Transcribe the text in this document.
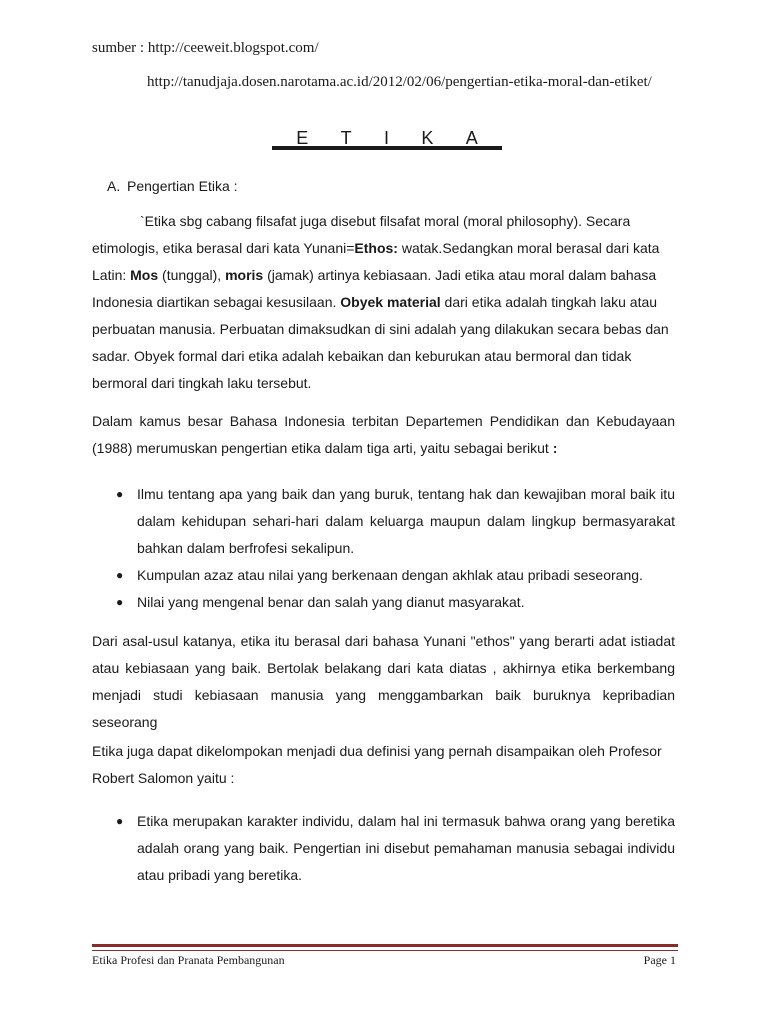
sumber : http://ceeweit.blogspot.com/
http://tanudjaja.dosen.narotama.ac.id/2012/02/06/pengertian-etika-moral-dan-etiket/
E T I K A
A. Pengertian Etika :

`Etika sbg cabang filsafat juga disebut filsafat moral (moral philosophy). Secara etimologis, etika berasal dari kata Yunani=Ethos: watak.Sedangkan moral berasal dari kata Latin: Mos (tunggal), moris (jamak) artinya kebiasaan. Jadi etika atau moral dalam bahasa Indonesia diartikan sebagai kesusilaan. Obyek material dari etika adalah tingkah laku atau perbuatan manusia. Perbuatan dimaksudkan di sini adalah yang dilakukan secara bebas dan sadar. Obyek formal dari etika adalah kebaikan dan keburukan atau bermoral dan tidak bermoral dari tingkah laku tersebut.

Dalam kamus besar Bahasa Indonesia terbitan Departemen Pendidikan dan Kebudayaan (1988) merumuskan pengertian etika dalam tiga arti, yaitu sebagai berikut :

● Ilmu tentang apa yang baik dan yang buruk, tentang hak dan kewajiban moral baik itu dalam kehidupan sehari-hari dalam keluarga maupun dalam lingkup bermasyarakat bahkan dalam berfrofesi sekalipun.
● Kumpulan azaz atau nilai yang berkenaan dengan akhlak atau pribadi seseorang.
● Nilai yang mengenal benar dan salah yang dianut masyarakat.

Dari asal-usul katanya, etika itu berasal dari bahasa Yunani "ethos" yang berarti adat istiadat atau kebiasaan yang baik. Bertolak belakang dari kata diatas , akhirnya etika berkembang menjadi studi kebiasaan manusia yang menggambarkan baik buruknya kepribadian seseorang

Etika juga dapat dikelompokan menjadi dua definisi yang pernah disampaikan oleh Profesor Robert Salomon yaitu :

● Etika merupakan karakter individu, dalam hal ini termasuk bahwa orang yang beretika adalah orang yang baik. Pengertian ini disebut pemahaman manusia sebagai individu atau pribadi yang beretika.
Etika Profesi dan Pranata Pembangunan	Page 1
